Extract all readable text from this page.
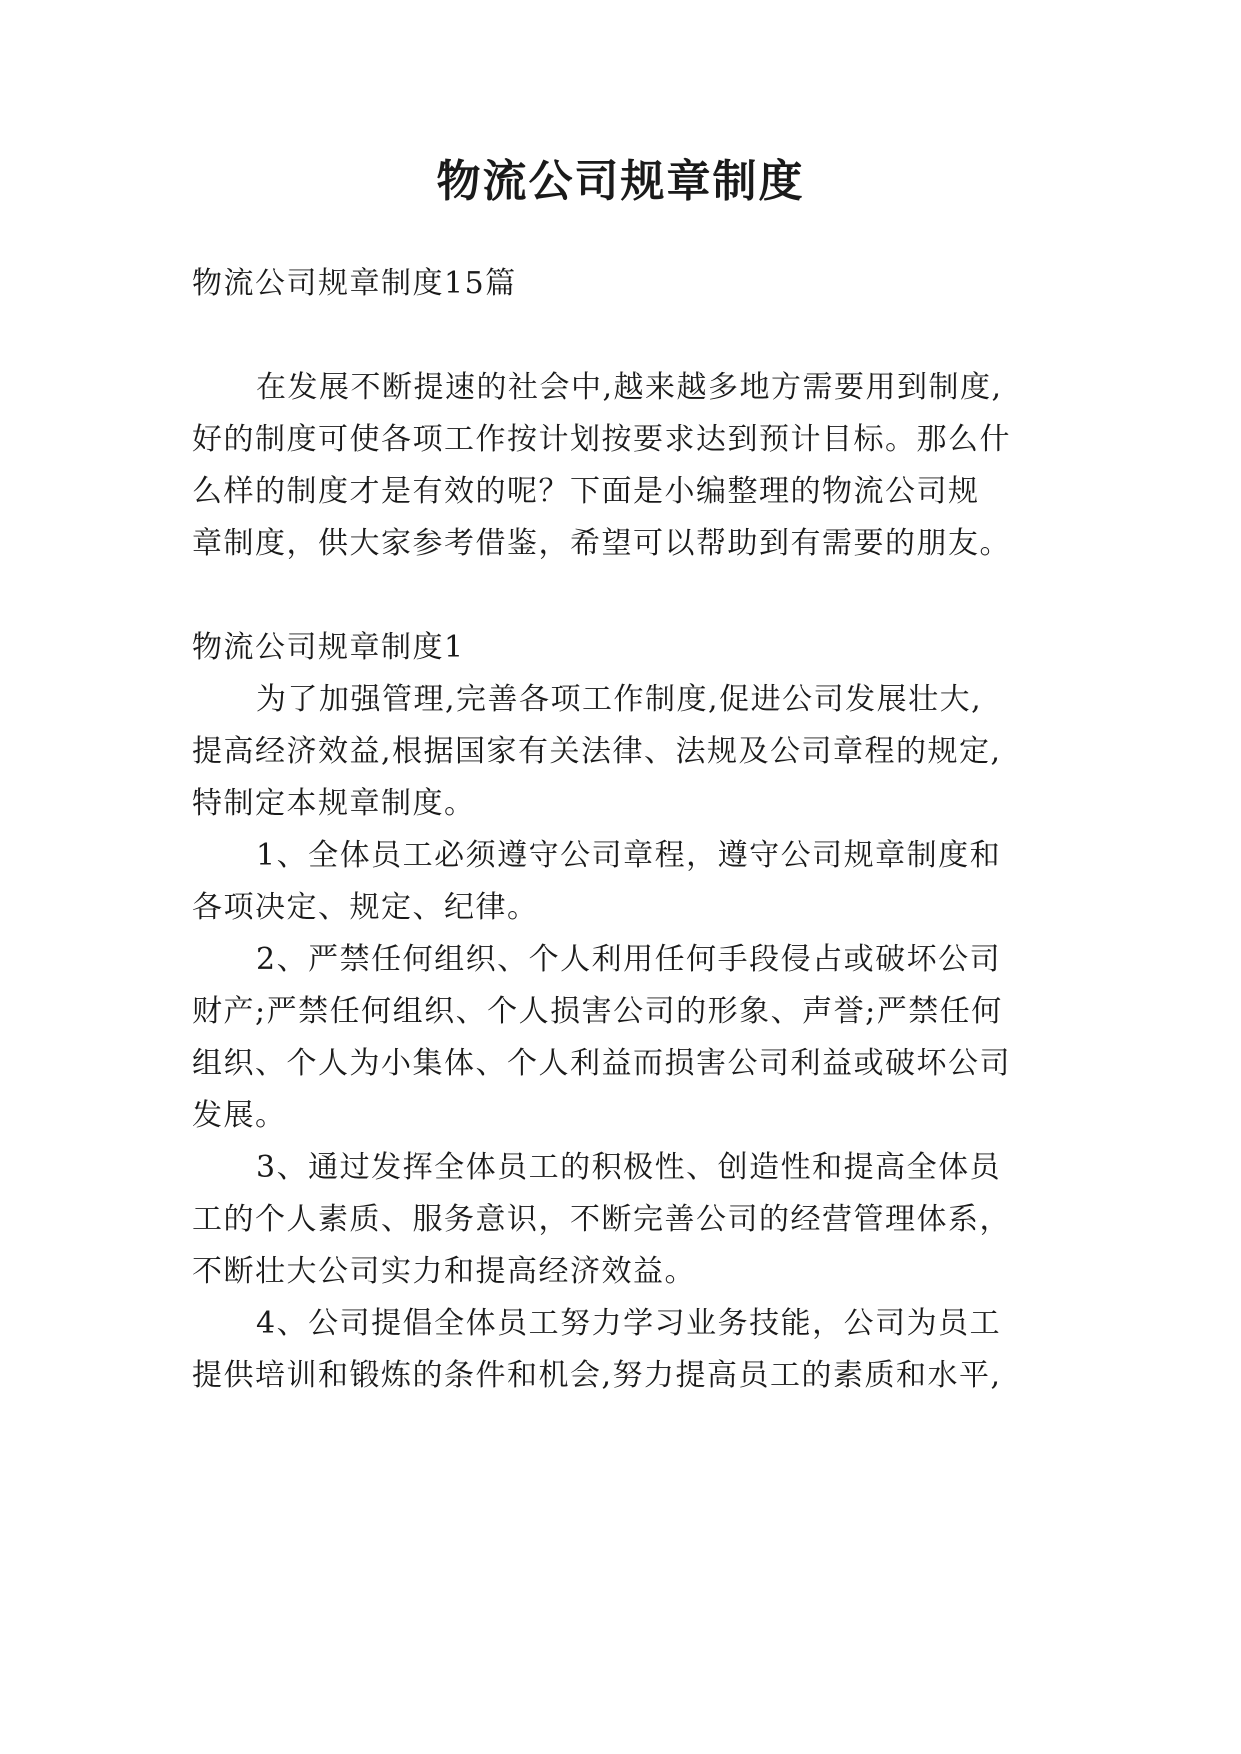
物流公司规章制度

物流公司规章制度15篇

在发展不断提速的社会中,越来越多地方需要用到制度,

好的制度可使各项工作按计划按要求达到预计目标。那么什

么样的制度才是有效的呢？下面是小编整理的物流公司规

章制度，供大家参考借鉴，希望可以帮助到有需要的朋友。

物流公司规章制度1

为了加强管理,完善各项工作制度,促进公司发展壮大,

提高经济效益,根据国家有关法律、法规及公司章程的规定,

特制定本规章制度。

1、全体员工必须遵守公司章程，遵守公司规章制度和

各项决定、规定、纪律。

2、严禁任何组织、个人利用任何手段侵占或破坏公司

财产;严禁任何组织、个人损害公司的形象、声誉;严禁任何

组织、个人为小集体、个人利益而损害公司利益或破坏公司

发展。

3、通过发挥全体员工的积极性、创造性和提高全体员

工的个人素质、服务意识，不断完善公司的经营管理体系，

不断壮大公司实力和提高经济效益。

4、公司提倡全体员工努力学习业务技能，公司为员工

提供培训和锻炼的条件和机会,努力提高员工的素质和水平,
